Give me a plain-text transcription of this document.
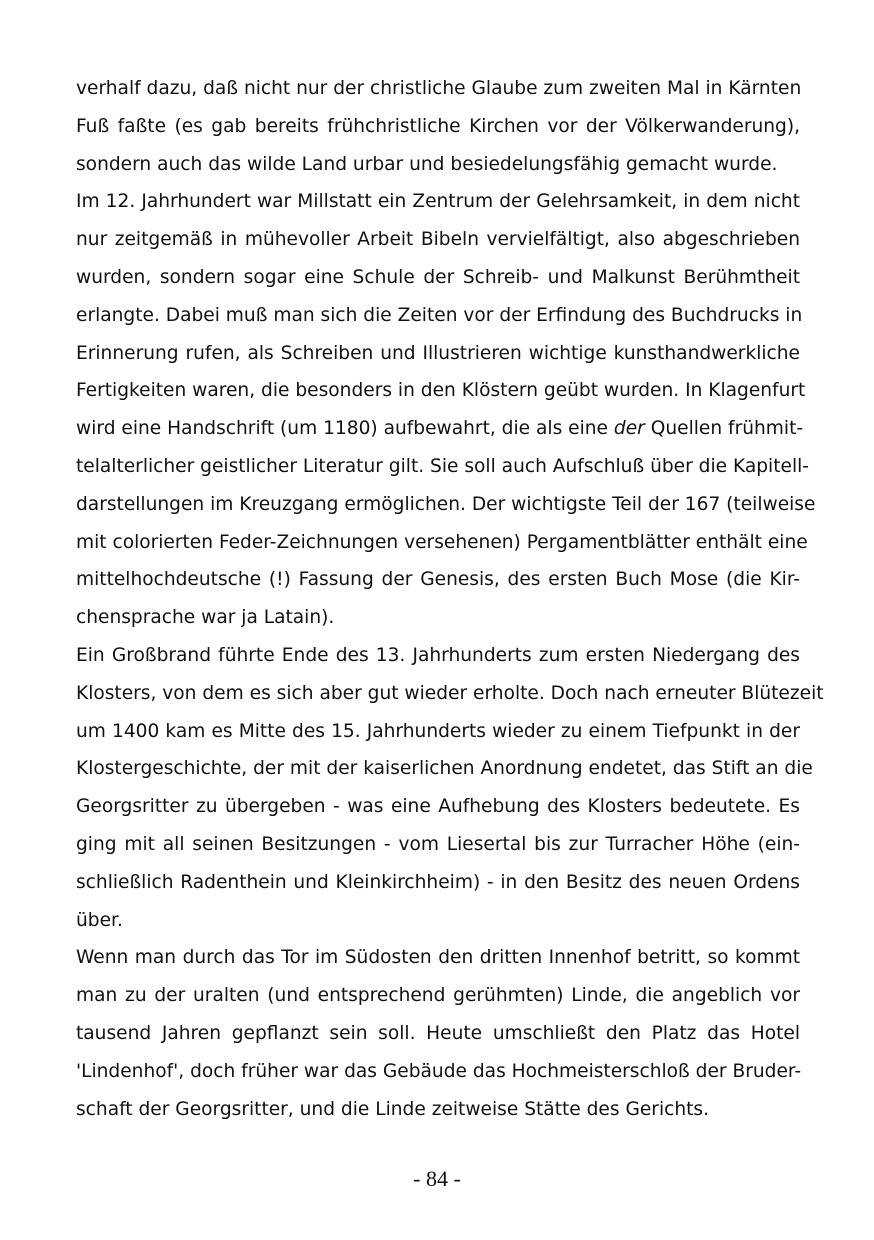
verhalf dazu, daß nicht nur der christliche Glaube zum zweiten Mal in Kärnten
Fuß faßte (es gab bereits frühchristliche Kirchen vor der Völkerwanderung),
sondern auch das wilde Land urbar und besiedelungsfähig gemacht wurde.
Im 12. Jahrhundert war Millstatt ein Zentrum der Gelehrsamkeit, in dem nicht
nur zeitgemäß in mühevoller Arbeit Bibeln vervielfältigt, also abgeschrieben
wurden, sondern sogar eine Schule der Schreib- und Malkunst Berühmtheit
erlangte. Dabei muß man sich die Zeiten vor der Erfindung des Buchdrucks in
Erinnerung rufen, als Schreiben und Illustrieren wichtige kunsthandwerkliche
Fertigkeiten waren, die besonders in den Klöstern geübt wurden. In Klagenfurt
wird eine Handschrift (um 1180) aufbewahrt, die als eine der Quellen frühmit-
telalterlicher geistlicher Literatur gilt. Sie soll auch Aufschluß über die Kapitell-
darstellungen im Kreuzgang ermöglichen. Der wichtigste Teil der 167 (teilweise
mit colorierten Feder-Zeichnungen versehenen) Pergamentblätter enthält eine
mittelhochdeutsche (!) Fassung der Genesis, des ersten Buch Mose (die Kir-
chensprache war ja Latain).
Ein Großbrand führte Ende des 13. Jahrhunderts zum ersten Niedergang des
Klosters, von dem es sich aber gut wieder erholte. Doch nach erneuter Blütezeit
um 1400 kam es Mitte des 15. Jahrhunderts wieder zu einem Tiefpunkt in der
Klostergeschichte, der mit der kaiserlichen Anordnung endetet, das Stift an die
Georgsritter zu übergeben - was eine Aufhebung des Klosters bedeutete. Es
ging mit all seinen Besitzungen - vom Liesertal bis zur Turracher Höhe (ein-
schließlich Radenthein und Kleinkirchheim) - in den Besitz des neuen Ordens
über.
Wenn man durch das Tor im Südosten den dritten Innenhof betritt, so kommt
man zu der uralten (und entsprechend gerühmten) Linde, die angeblich vor
tausend Jahren gepflanzt sein soll. Heute umschließt den Platz das Hotel
'Lindenhof', doch früher war das Gebäude das Hochmeisterschloß der Bruder-
schaft der Georgsritter, und die Linde zeitweise Stätte des Gerichts.
- 84 -
